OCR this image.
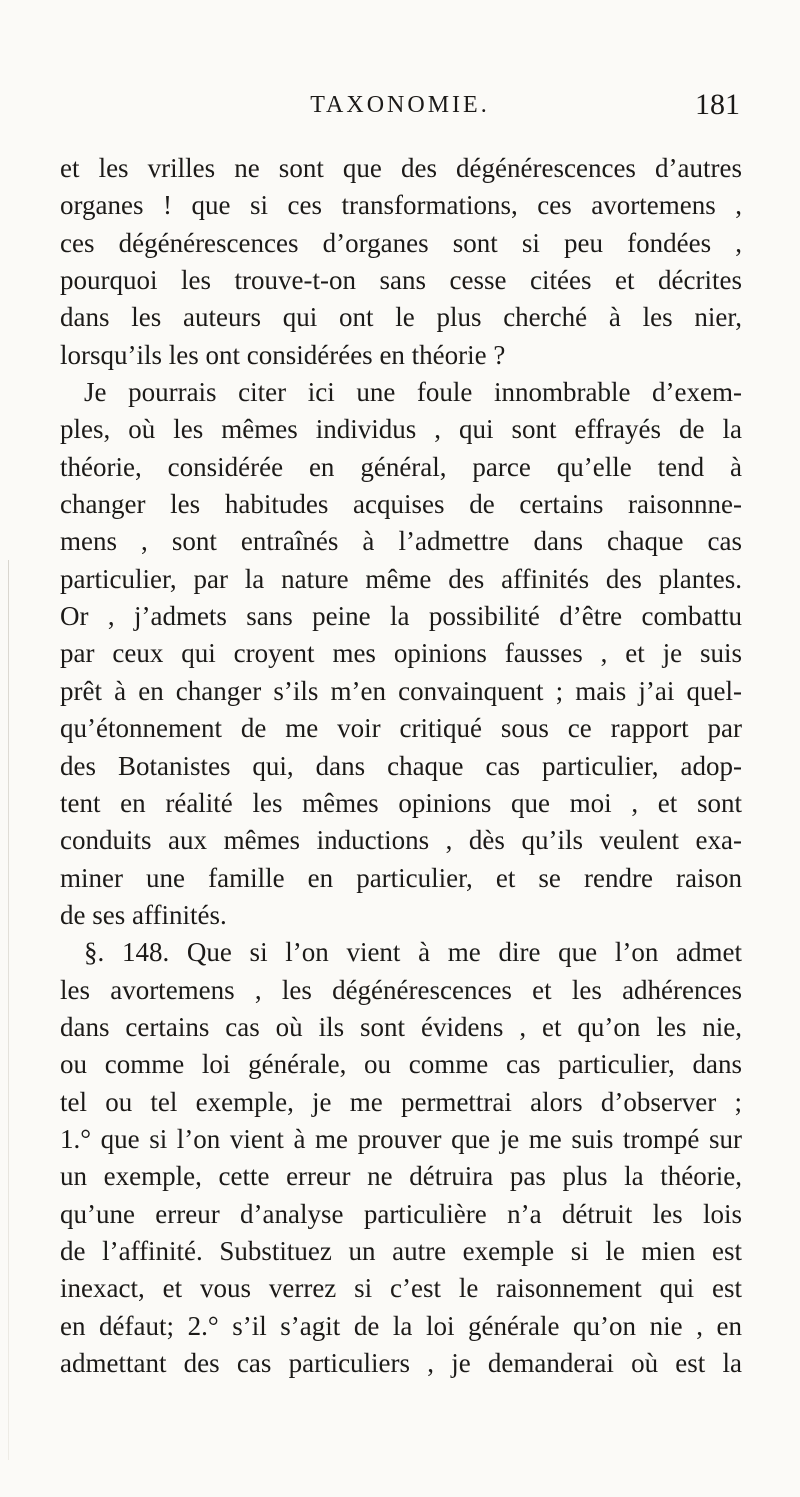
TAXONOMIE.	181
et les vrilles ne sont que des dégénérescences d’autres
organes ! que si ces transformations, ces avortemens ,
ces dégénérescences d’organes sont si peu fondées ,
pourquoi les trouve-t-on sans cesse citées et décrites
dans les auteurs qui ont le plus cherché à les nier,
lorsqu’ils les ont considérées en théorie ?
Je pourrais citer ici une foule innombrable d’exem-
ples, où les mêmes individus , qui sont effrayés de la
théorie, considérée en général, parce qu’elle tend à
changer les habitudes acquises de certains raisonnne-
mens , sont entraînés à l’admettre dans chaque cas
particulier, par la nature même des affinités des plantes.
Or , j’admets sans peine la possibilité d’être combattu
par ceux qui croyent mes opinions fausses , et je suis
prêt à en changer s’ils m’en convainquent ; mais j’ai quel-
qu’étonnement de me voir critiqué sous ce rapport par
des Botanistes qui, dans chaque cas particulier, adop-
tent en réalité les mêmes opinions que moi , et sont
conduits aux mêmes inductions , dès qu’ils veulent exa-
miner une famille en particulier, et se rendre raison
de ses affinités.
§. 148. Que si l’on vient à me dire que l’on admet
les avortemens , les dégénérescences et les adhérences
dans certains cas où ils sont évidens , et qu’on les nie,
ou comme loi générale, ou comme cas particulier, dans
tel ou tel exemple, je me permettrai alors d’observer ;
1.° que si l’on vient à me prouver que je me suis trompé sur
un exemple, cette erreur ne détruira pas plus la théorie,
qu’une erreur d’analyse particulière n’a détruit les lois
de l’affinité. Substituez un autre exemple si le mien est
inexact, et vous verrez si c’est le raisonnement qui est
en défaut; 2.° s’il s’agit de la loi générale qu’on nie , en
admettant des cas particuliers , je demanderai où est la
